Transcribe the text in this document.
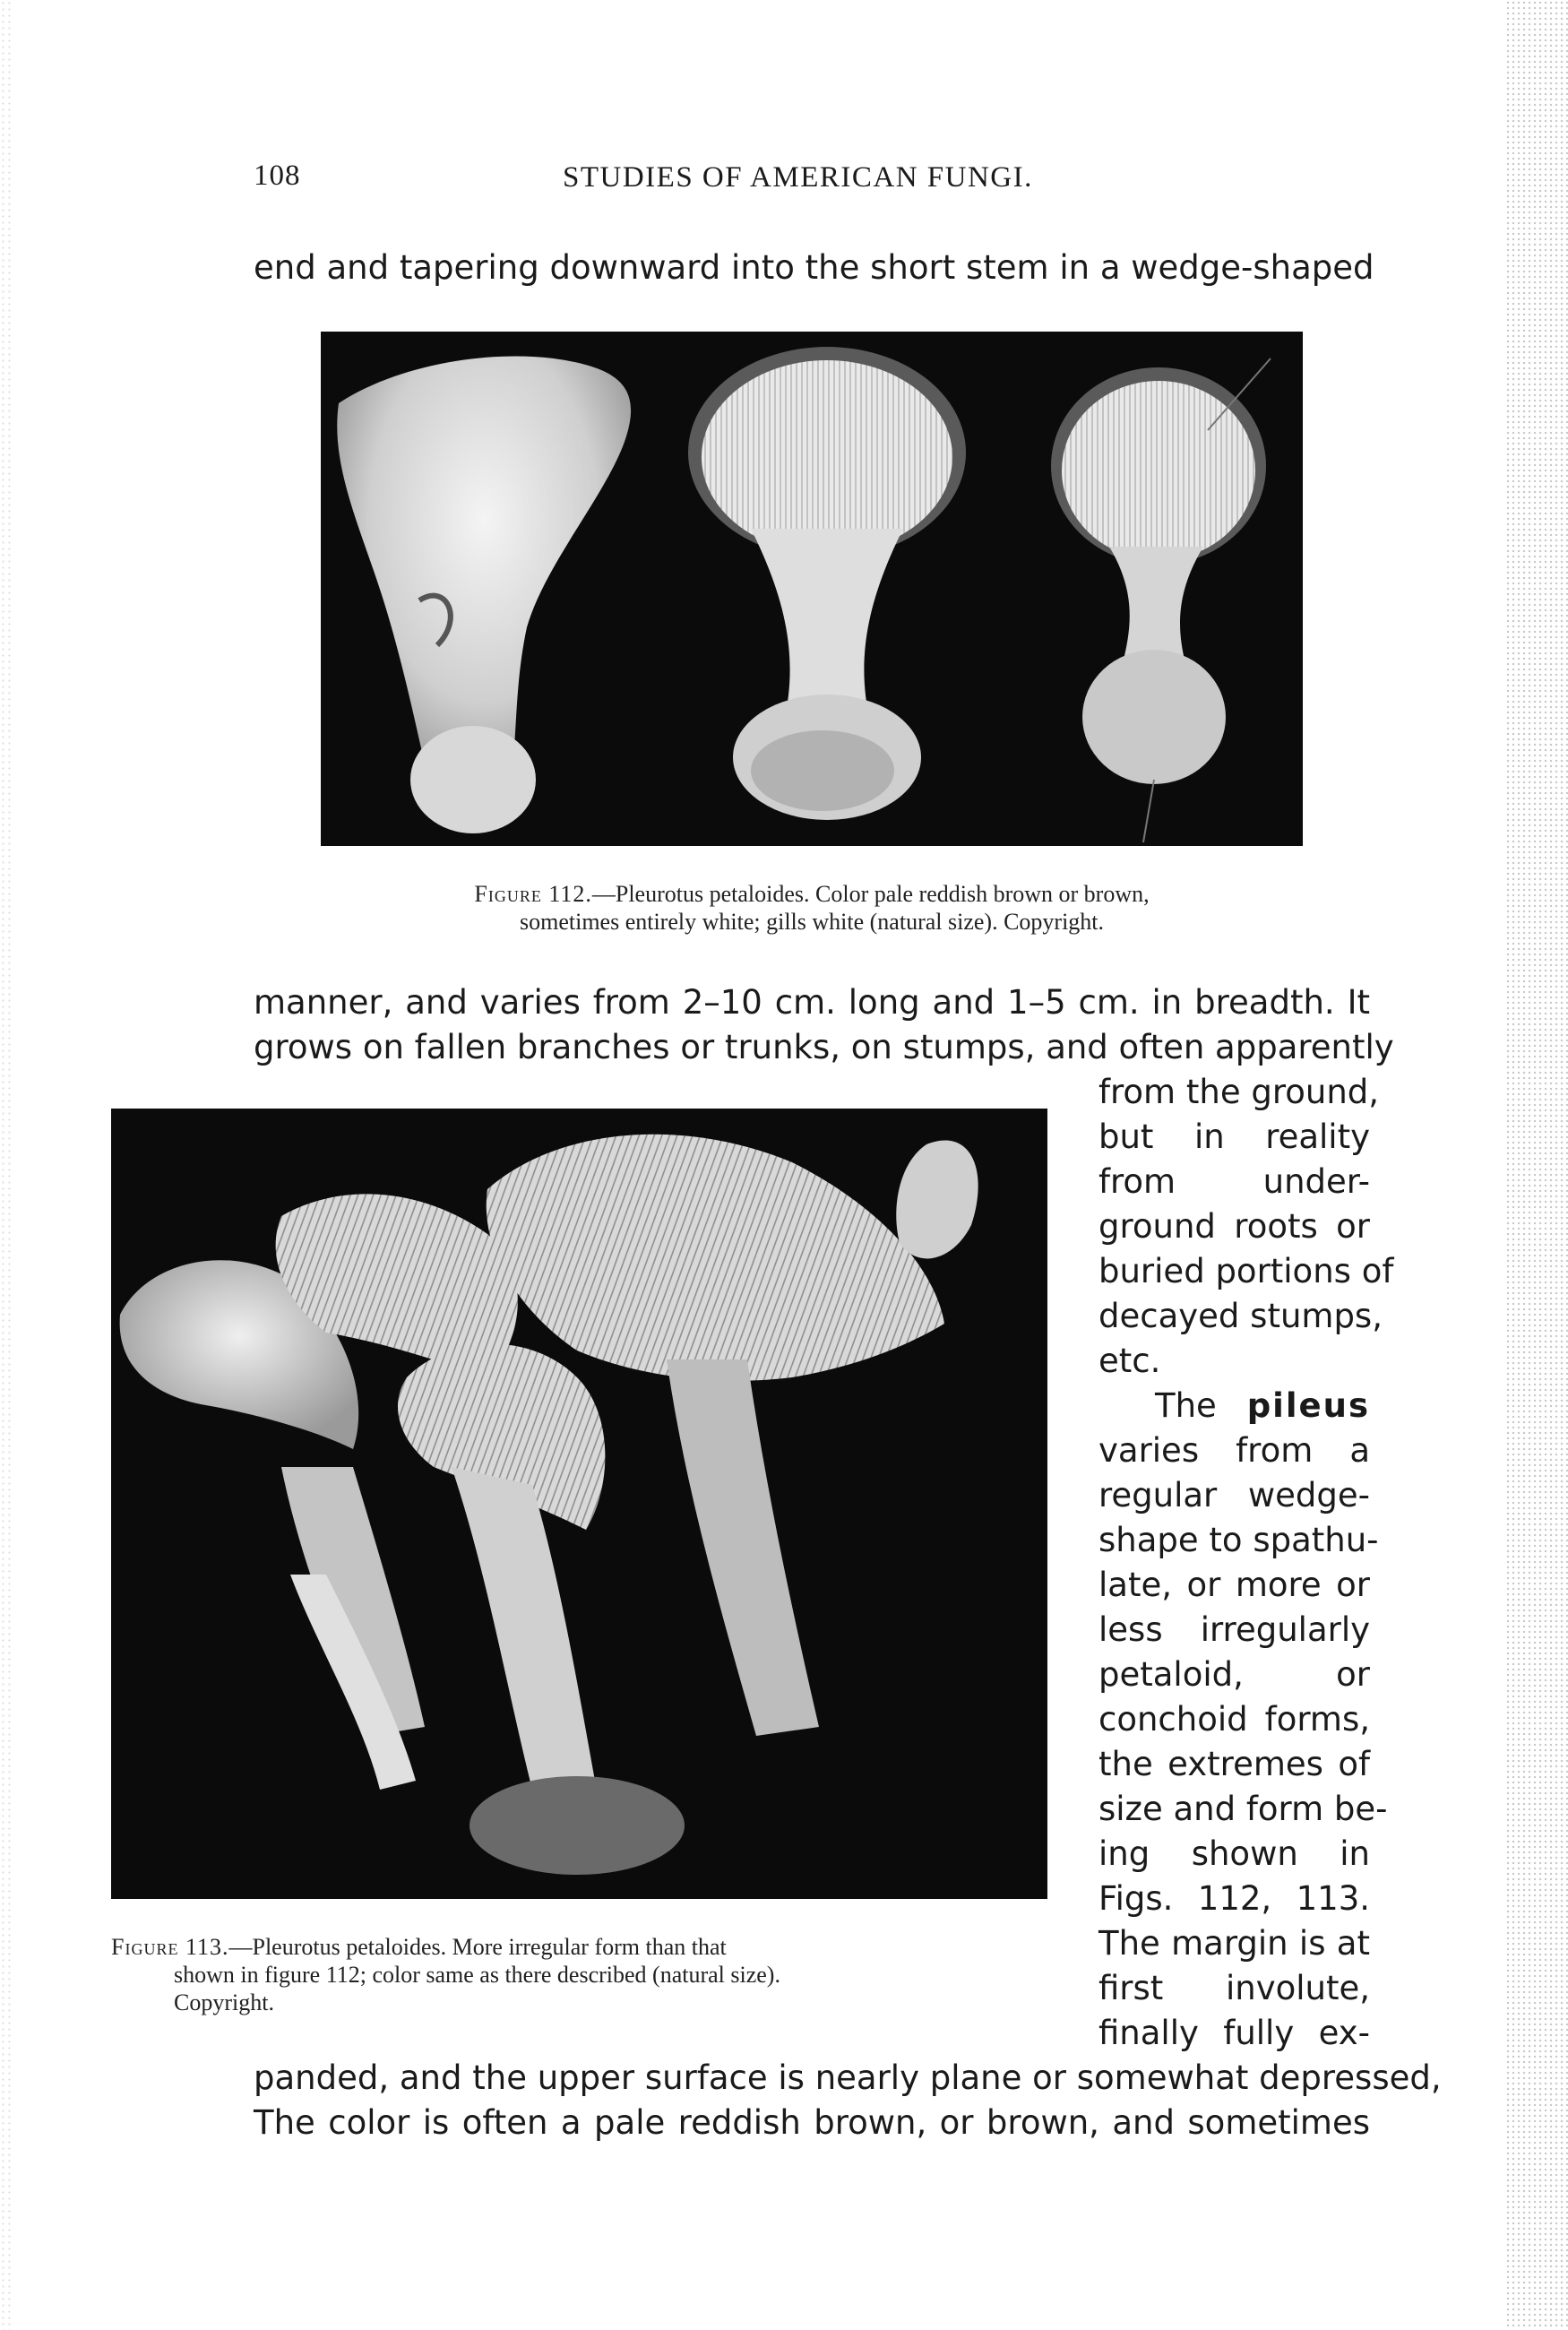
108	STUDIES OF AMERICAN FUNGI.
end and tapering downward into the short stem in a wedge-shaped
Figure 112.—Pleurotus petaloides. Color pale reddish brown or brown,
sometimes entirely white; gills white (natural size). Copyright.
manner, and varies from 2–10 cm. long and 1–5 cm. in breadth. It
grows on fallen branches or trunks, on stumps, and often apparently
Figure 113.—Pleurotus petaloides. More irregular form than that
shown in figure 112; color same as there described (natural size).
Copyright.
from the ground,
but in reality
from under-
ground roots or
buried portions of
decayed stumps,
etc.
The pileus
varies from a
regular wedge-
shape to spathu-
late, or more or
less irregularly
petaloid, or
conchoid forms,
the extremes of
size and form be-
ing shown in
Figs. 112, 113.
The margin is at
first involute,
finally fully ex-
panded, and the upper surface is nearly plane or somewhat depressed,
The color is often a pale reddish brown, or brown, and sometimes
